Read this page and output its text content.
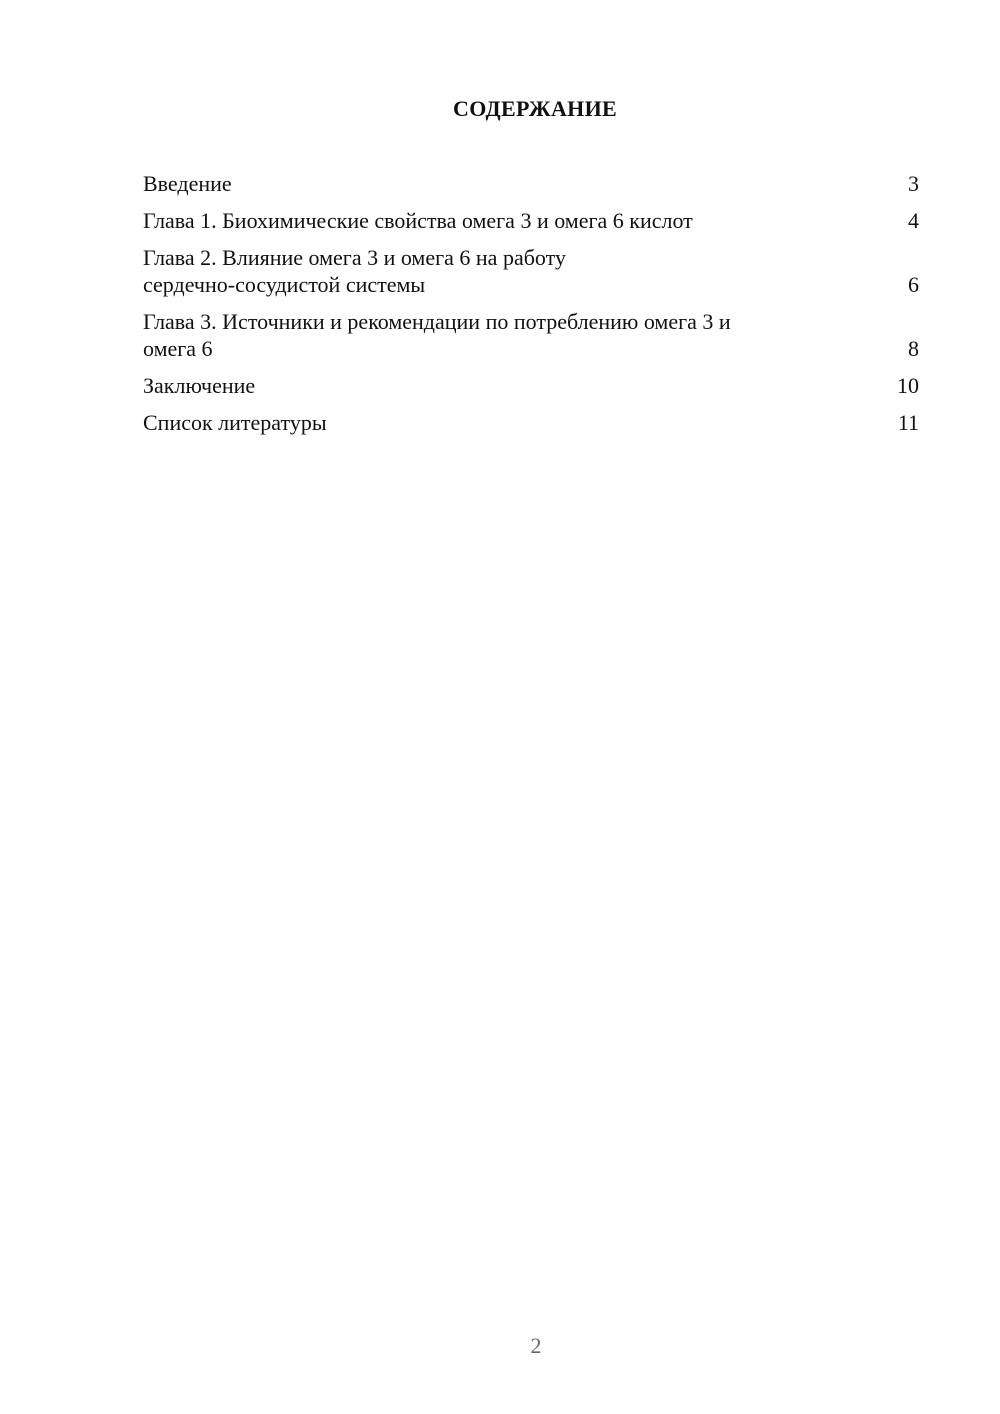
СОДЕРЖАНИЕ
Введение	3
Глава 1. Биохимические свойства омега 3 и омега 6 кислот	4
Глава 2. Влияние омега 3 и омега 6 на работу
сердечно-сосудистой системы	6
Глава 3. Источники и рекомендации по потреблению омега 3 и
омега 6	8
Заключение	10
Список литературы	11
2
